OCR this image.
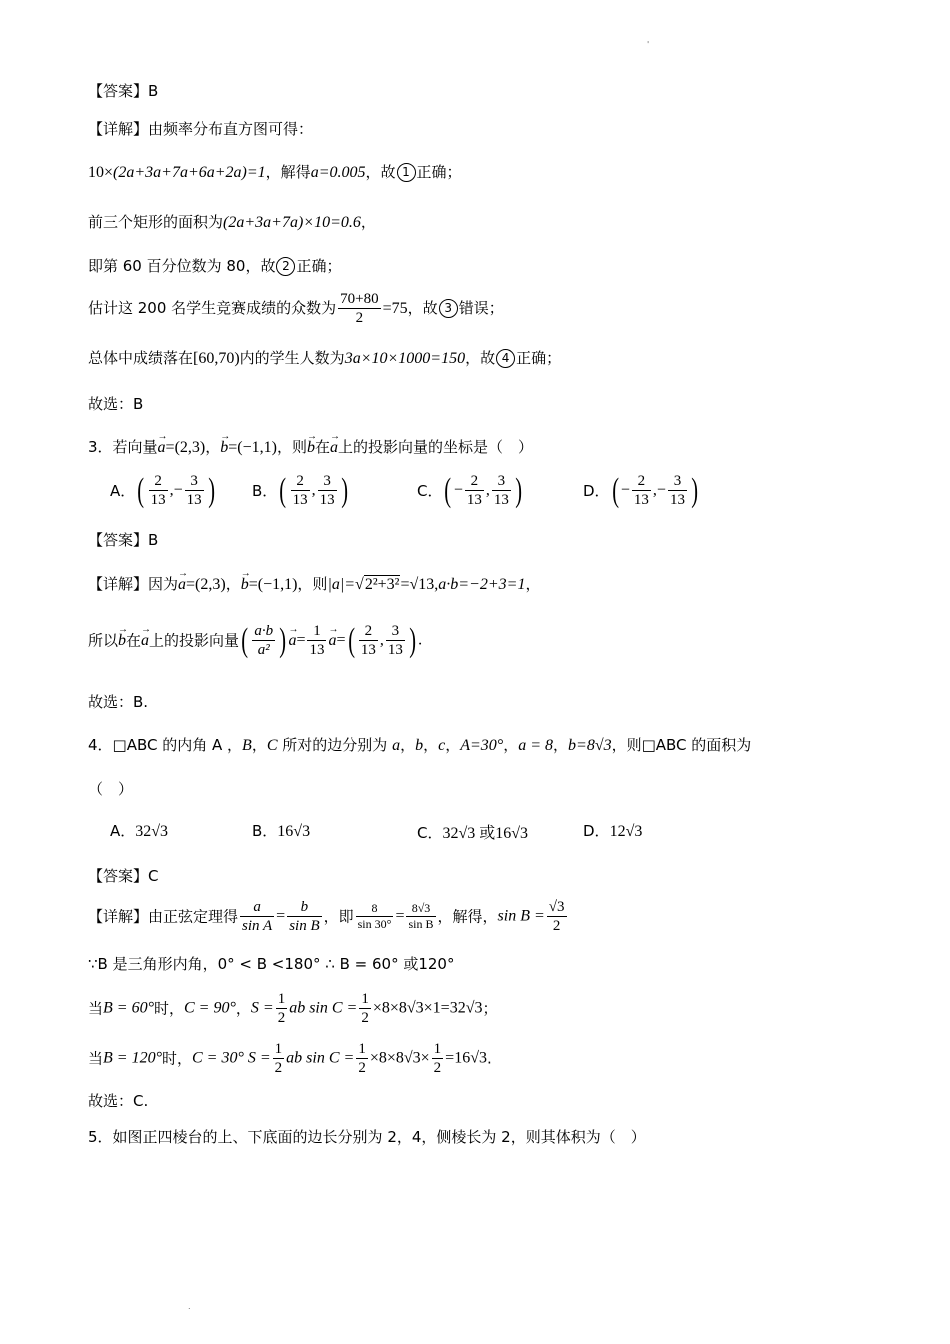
'
.
【答案】B
【详解】由频率分布直方图可得：
10×(2a+3a+7a+6a+2a)=1，解得a=0.005，故 1 正确；
前三个矩形的面积为(2a+3a+7a)×10=0.6，
即第 60 百分位数为 80，故 2 正确；
估计这 200 名学生竞赛成绩的众数为 $\frac{70+80}{2} =75$，故 3 错误；
总体中成绩落在[60,70)内的学生人数为3a×10×1000=150，故 4 正确；
故选：B
3．若向量→ a=(2,3)，→ b=(−1,1)，则→ b在→ a上的投影向量的坐标是（　）
A．( $\frac{2}{13}$ ,− $\frac{3}{13}$ ) B．( $\frac{2}{13}$ , $\frac{3}{13}$ )	C．( − $\frac{2}{13}$ , $\frac{3}{13}$ )	D．( − $\frac{2}{13}$ ,− $\frac{3}{13}$ )
【答案】B
【详解】因为→ a=(2,3)，→ b=(−1,1)，则|a|=√2²+3²=√13,a·b=−2+3=1，
所以→ b在→ a上的投影向量( $\frac{a\cdot b}{\text{a²}}$ )→ $a= \frac{1}{13}$
→ $a=( \frac{2}{13}$ , $\frac{3}{13}$ ) .
故选：B.
4．□ABC 的内角 A ，B，C 所对的边分别为 a，b，c，A=30°，a = 8，b=8√3，则□ABC 的面积为
（　）
A．32√3	B．16√3	C．32√3 或16√3	D．12√3
【答案】C
【详解】由正弦定理得 $\frac{a}{\text{sin A}} = \frac{b}{\text{sin B}}$ ，即 $\frac{8}{\sin 30^\circ} = \frac{8√3}{\text{sin B}}$ ，解得，$\sin B = \frac{√3}{2}$
∵B 是三角形内角，0° < B <180° ∴ B = 60° 或120°
当B = 60°时，C = 90°，$S = \frac{1}{2}$ ab $\sin C = \frac{1}{2} \times 8\times 8√3\times 1=32√3$；
当B = 120°时，C = 30° $S = \frac{1}{2}$ ab $\sin C = \frac{1}{2} \times 8\times 8√3\times \frac{1}{2} =16√3$.
故选：C.
5．如图正四棱台的上、下底面的边长分别为 2，4，侧棱长为 2，则其体积为（　）
